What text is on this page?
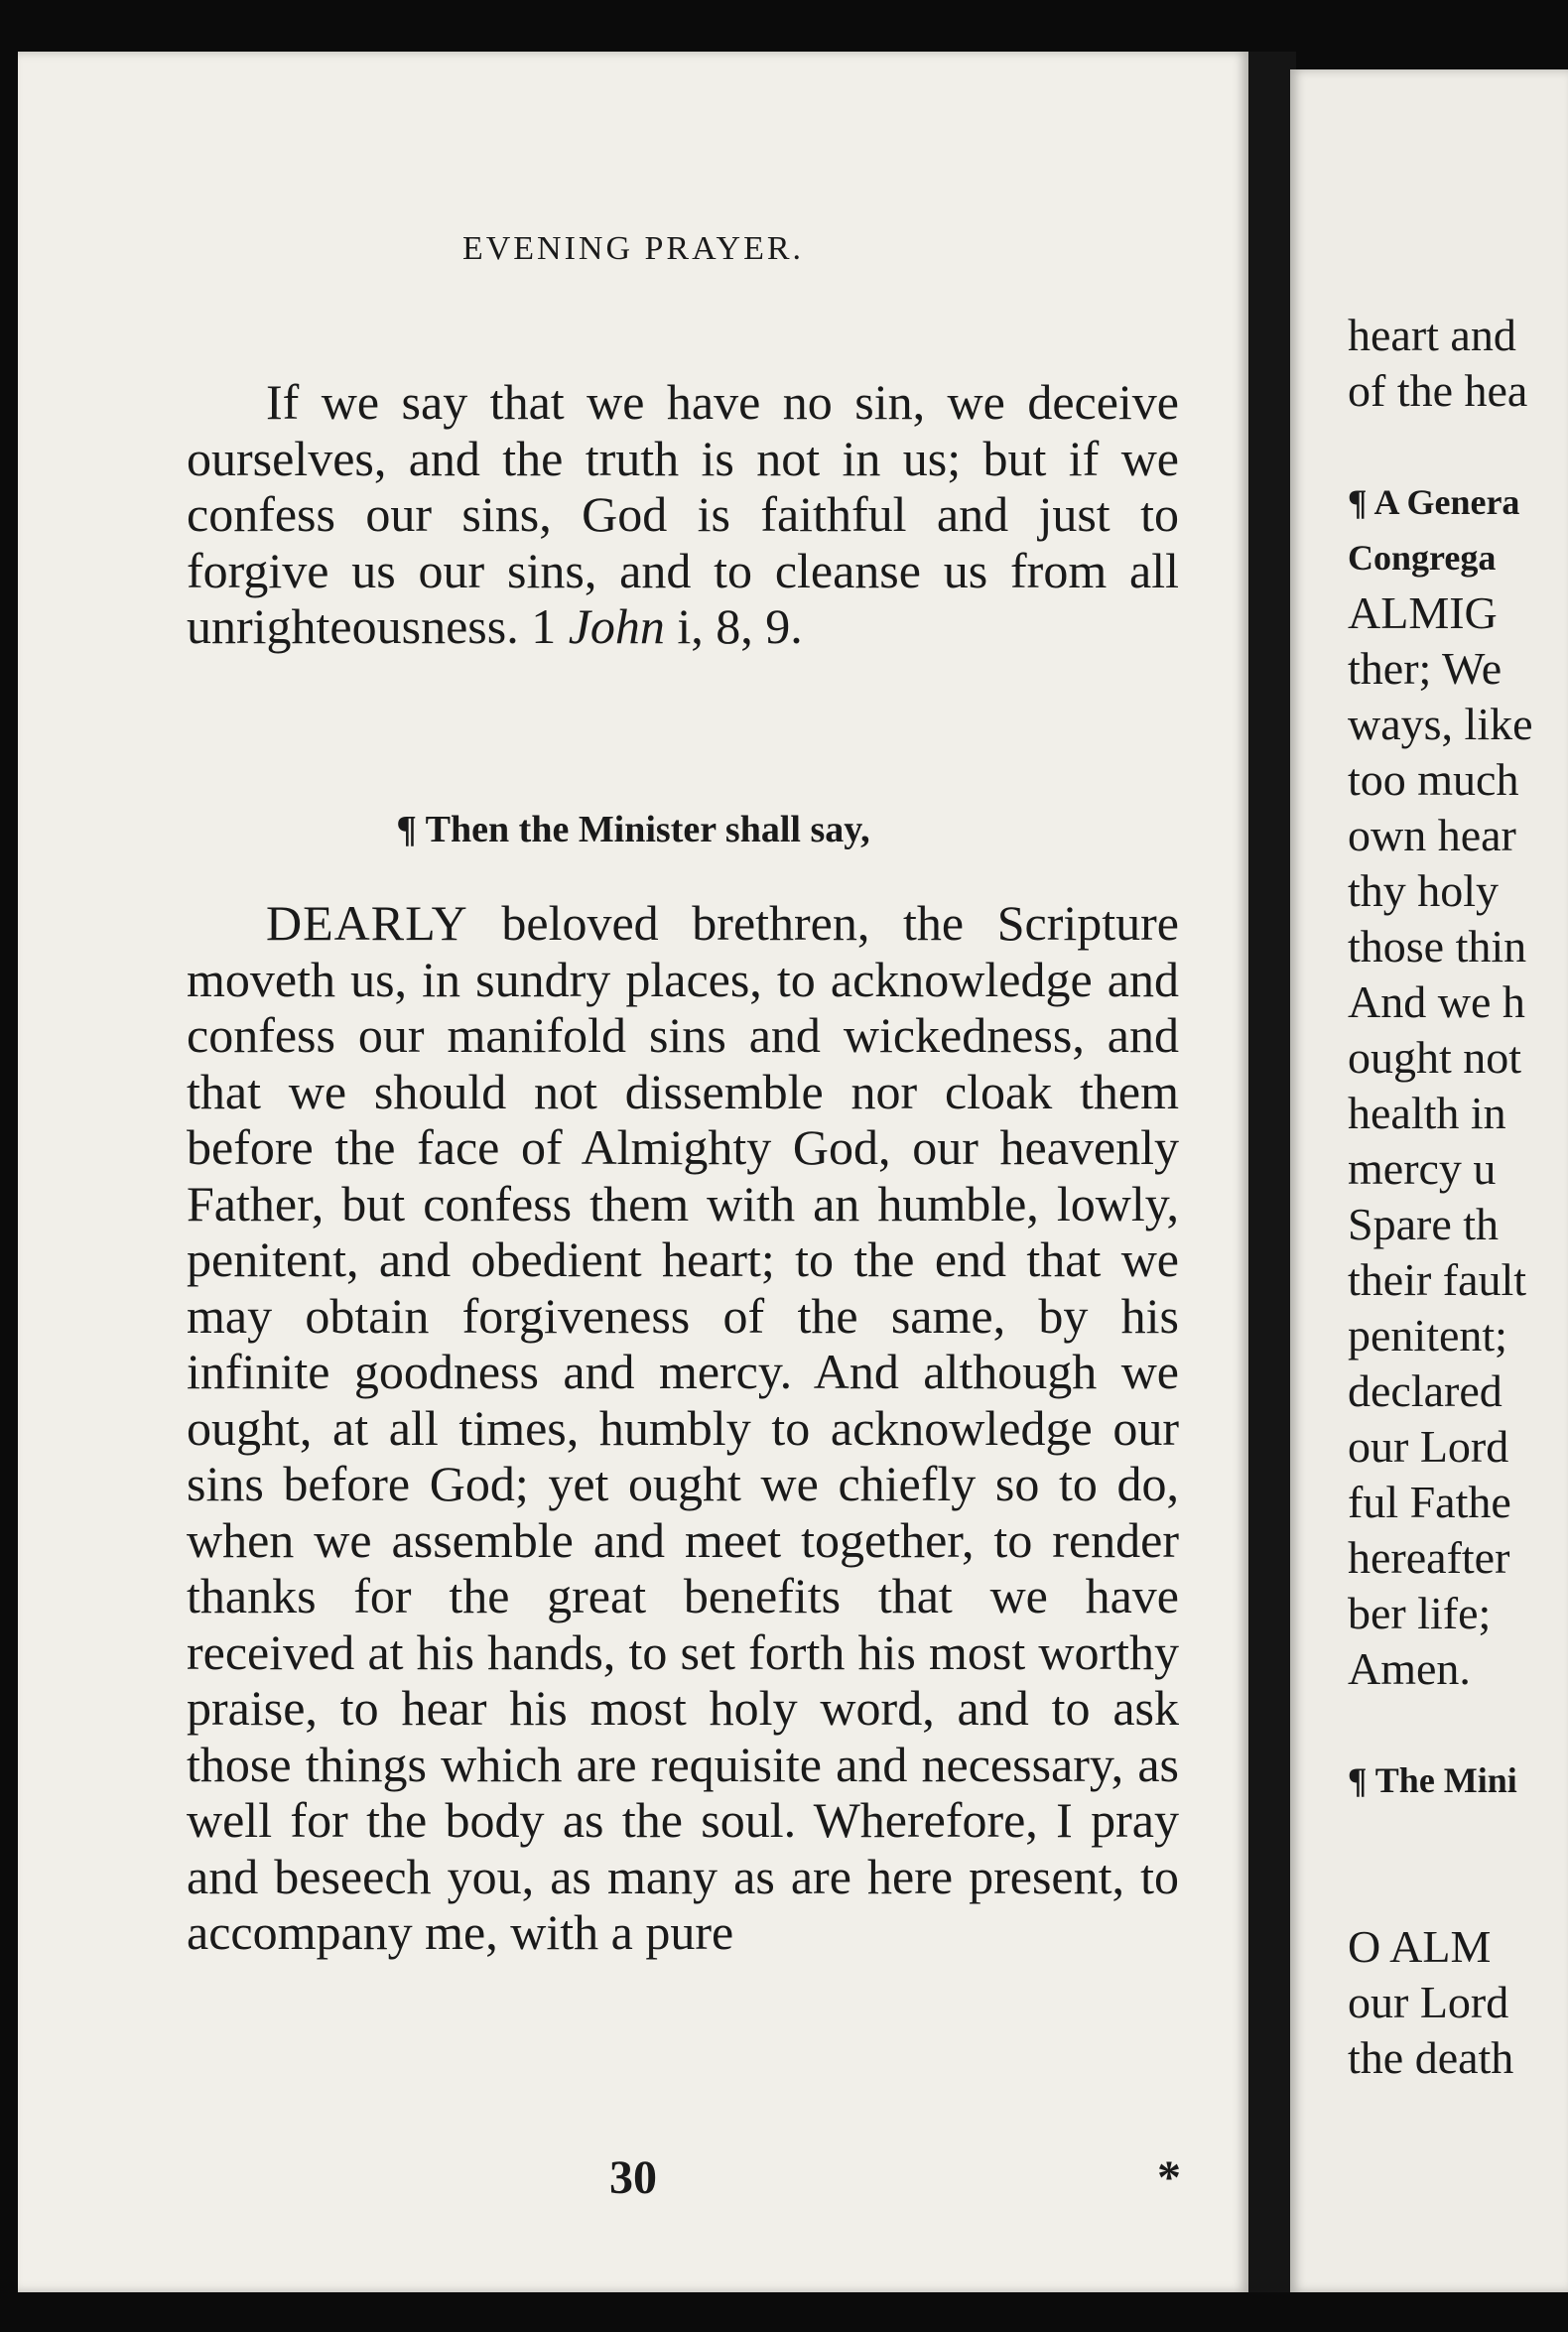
EVENING PRAYER.

If we say that we have no sin, we deceive ourselves, and the truth is not in us; but if we confess our sins, God is faithful and just to forgive us our sins, and to cleanse us from all unrighteousness. 1 John i, 8, 9.

¶ Then the Minister shall say,

DEARLY beloved brethren, the Scripture moveth us, in sundry places, to acknowledge and confess our manifold sins and wickedness, and that we should not dissemble nor cloak them before the face of Almighty God, our heavenly Father, but confess them with an humble, lowly, penitent, and obedient heart; to the end that we may obtain forgiveness of the same, by his infinite goodness and mercy. And although we ought, at all times, humbly to acknowledge our sins before God; yet ought we chiefly so to do, when we assemble and meet together, to render thanks for the great benefits that we have received at his hands, to set forth his most worthy praise, to hear his most holy word, and to ask those things which are requisite and necessary, as well for the body as the soul. Wherefore, I pray and beseech you, as many as are here present, to accompany me, with a pure

30	*
heart and
of the hea
¶ A Genera
Congrega
ALMIG
ther; We
ways, like
too much
own hear
thy holy
those thin
And we h
ought not
health in
mercy u
Spare th
their fault
penitent;
declared
our Lord
ful Fathe
hereafter
ber life;
Amen.
¶ The Mini
O ALM
our Lord
the death
